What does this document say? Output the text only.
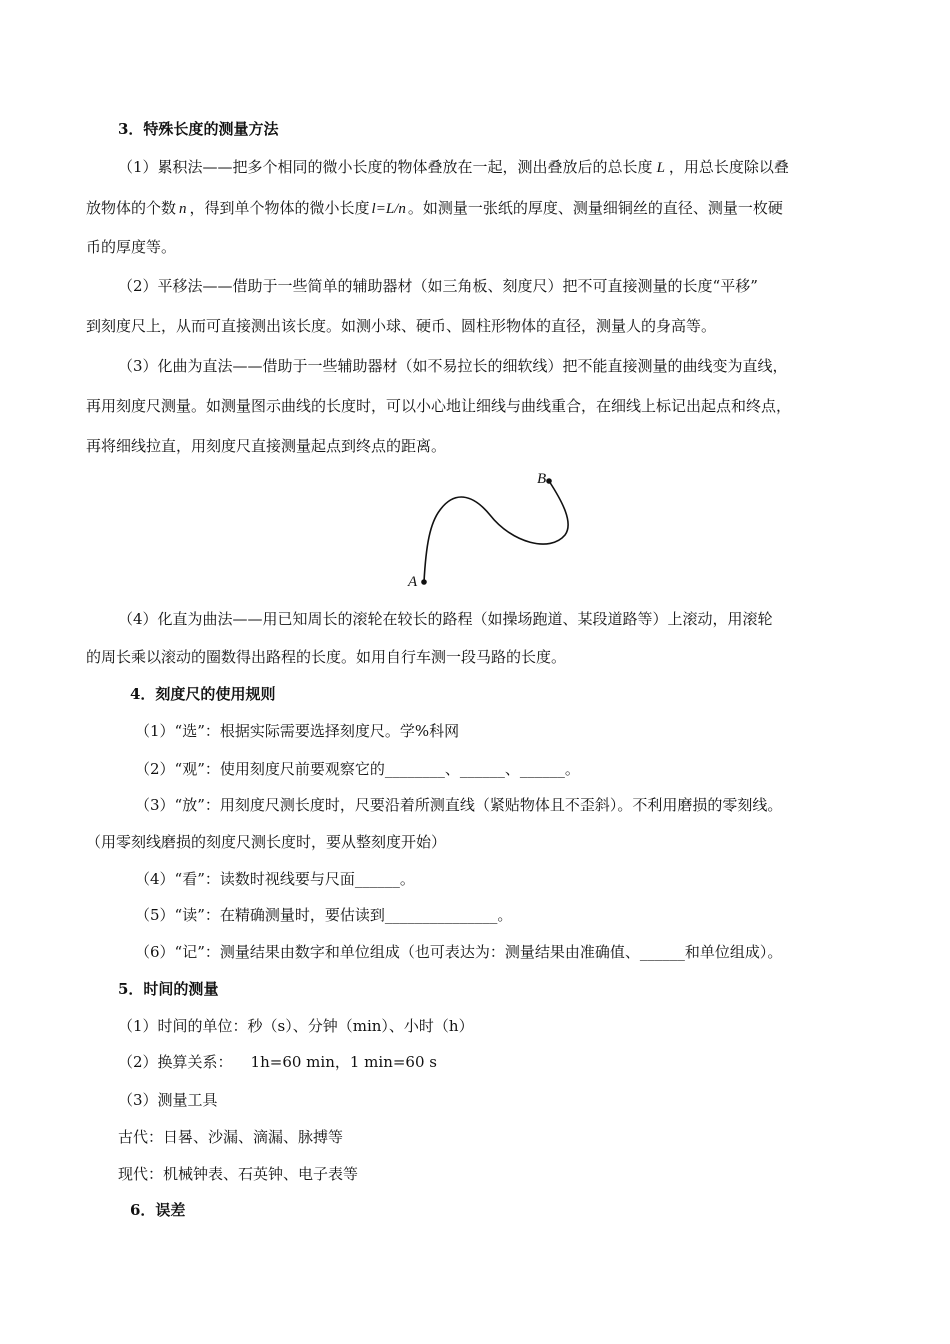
3．特殊长度的测量方法
（1）累积法——把多个相同的微小长度的物体叠放在一起，测出叠放后的总长度 L ，用总长度除以叠
放物体的个数 n ，得到单个物体的微小长度 l=L/n 。如测量一张纸的厚度、测量细铜丝的直径、测量一枚硬
币的厚度等。
（2）平移法——借助于一些简单的辅助器材（如三角板、刻度尺）把不可直接测量的长度“平移”
到刻度尺上，从而可直接测出该长度。如测小球、硬币、圆柱形物体的直径，测量人的身高等。
（3）化曲为直法——借助于一些辅助器材（如不易拉长的细软线）把不能直接测量的曲线变为直线，
再用刻度尺测量。如测量图示曲线的长度时，可以小心地让细线与曲线重合，在细线上标记出起点和终点，
再将细线拉直，用刻度尺直接测量起点到终点的距离。
A
B
（4）化直为曲法——用已知周长的滚轮在较长的路程（如操场跑道、某段道路等）上滚动，用滚轮
的周长乘以滚动的圈数得出路程的长度。如用自行车测一段马路的长度。
4．刻度尺的使用规则
（1）“选”：根据实际需要选择刻度尺。学%科网
（2）“观”：使用刻度尺前要观察它的________、______、______。
（3）“放”：用刻度尺测长度时，尺要沿着所测直线（紧贴物体且不歪斜）。不利用磨损的零刻线。
（用零刻线磨损的刻度尺测长度时，要从整刻度开始）
（4）“看”：读数时视线要与尺面______。
（5）“读”：在精确测量时，要估读到_______________。
（6）“记”：测量结果由数字和单位组成（也可表达为：测量结果由准确值、______和单位组成）。
5．时间的测量
（1）时间的单位：秒（s）、分钟（min）、小时（h）
（2）换算关系： 1h=60 min，1 min=60 s
（3）测量工具
古代：日晷、沙漏、滴漏、脉搏等
现代：机械钟表、石英钟、电子表等
6．误差
